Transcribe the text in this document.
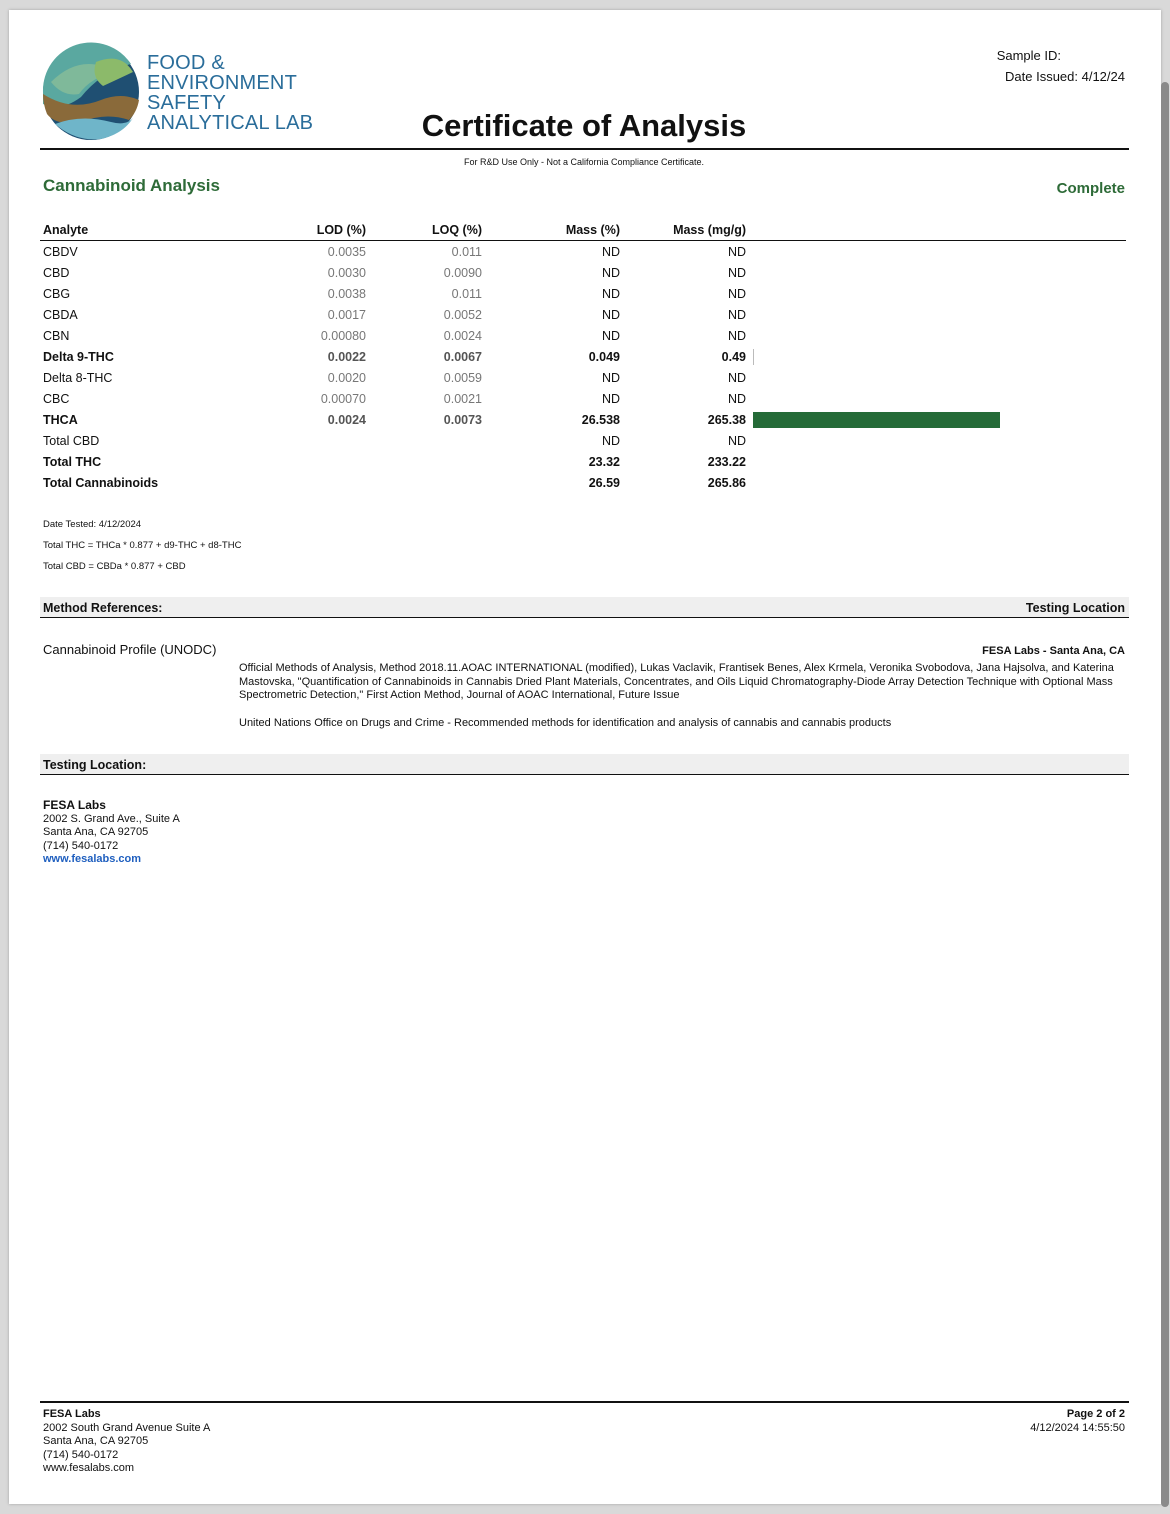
FOOD &
ENVIRONMENT
SAFETY
ANALYTICAL LAB	Certificate of Analysis
Sample ID:
Date Issued: 4/12/24
For R&D Use Only - Not a California Compliance Certificate.
Cannabinoid Analysis	Complete
Analyte	LOD (%)	LOQ (%)	Mass (%)	Mass (mg/g)	
CBDV	0.0035	0.011	ND	ND	
CBD	0.0030	0.0090	ND	ND	
CBG	0.0038	0.011	ND	ND	
CBDA	0.0017	0.0052	ND	ND	
CBN	0.00080	0.0024	ND	ND	
Delta 9-THC	0.0022	0.0067	0.049	0.49	

Delta 8-THC	0.0020	0.0059	ND	ND	
CBC	0.00070	0.0021	ND	ND	
THCA	0.0024	0.0073	26.538	265.38	

Total CBD			ND	ND	
Total THC			23.32	233.22	
Total Cannabinoids			26.59	265.86	
Date Tested: 4/12/2024
Total THC = THCa * 0.877 + d9-THC + d8-THC
Total CBD = CBDa * 0.877 + CBD
Method References:	Testing Location
Cannabinoid Profile (UNODC)	FESA Labs - Santa Ana, CA
Official Methods of Analysis, Method 2018.11.AOAC INTERNATIONAL (modified), Lukas Vaclavik, Frantisek Benes, Alex Krmela, Veronika Svobodova, Jana Hajsolva, and Katerina Mastovska, "Quantification of Cannabinoids in Cannabis Dried Plant Materials, Concentrates, and Oils Liquid Chromatography-Diode Array Detection Technique with Optional Mass Spectrometric Detection," First Action Method, Journal of AOAC International, Future Issue
United Nations Office on Drugs and Crime - Recommended methods for identification and analysis of cannabis and cannabis products
Testing Location:
FESA Labs
2002 S. Grand Ave., Suite A
Santa Ana, CA 92705
(714) 540-0172
www.fesalabs.com
FESA Labs
2002 South Grand Avenue Suite A
Santa Ana, CA 92705
(714) 540-0172
www.fesalabs.com
Page 2 of 2
4/12/2024 14:55:50
